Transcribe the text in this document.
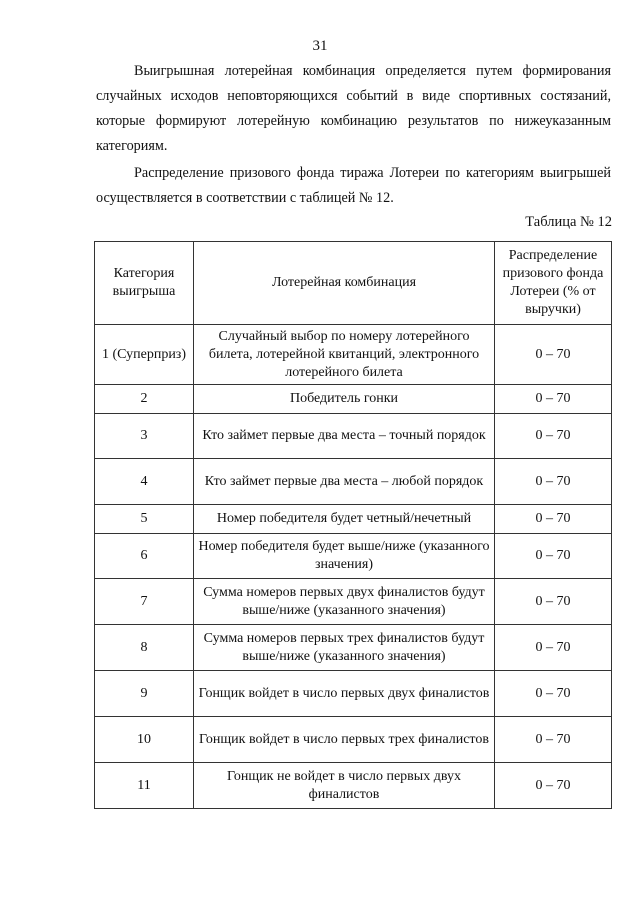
31
Выигрышная лотерейная комбинация определяется путем формирования случайных исходов неповторяющихся событий в виде спортивных состязаний, которые формируют лотерейную комбинацию результатов по нижеуказанным категориям.
Распределение призового фонда тиража Лотереи по категориям выигрышей осуществляется в соответствии с таблицей № 12.
Таблица № 12
Категория выигрыша	Лотерейная комбинация	Распределение призового фонда Лотереи (% от выручки)
1 (Суперприз)	Случайный выбор по номеру лотерейного билета, лотерейной квитанций, электронного лотерейного билета	0 – 70
2	Победитель гонки	0 – 70
3	Кто займет первые два места – точный порядок	0 – 70
4	Кто займет первые два места – любой порядок	0 – 70
5	Номер победителя будет четный/нечетный	0 – 70
6	Номер победителя будет выше/ниже (указанного значения)	0 – 70
7	Сумма номеров первых двух финалистов будут выше/ниже (указанного значения)	0 – 70
8	Сумма номеров первых трех финалистов будут выше/ниже (указанного значения)	0 – 70
9	Гонщик войдет в число первых двух финалистов	0 – 70
10	Гонщик войдет в число первых трех финалистов	0 – 70
11	Гонщик не войдет в число первых двух финалистов	0 – 70
